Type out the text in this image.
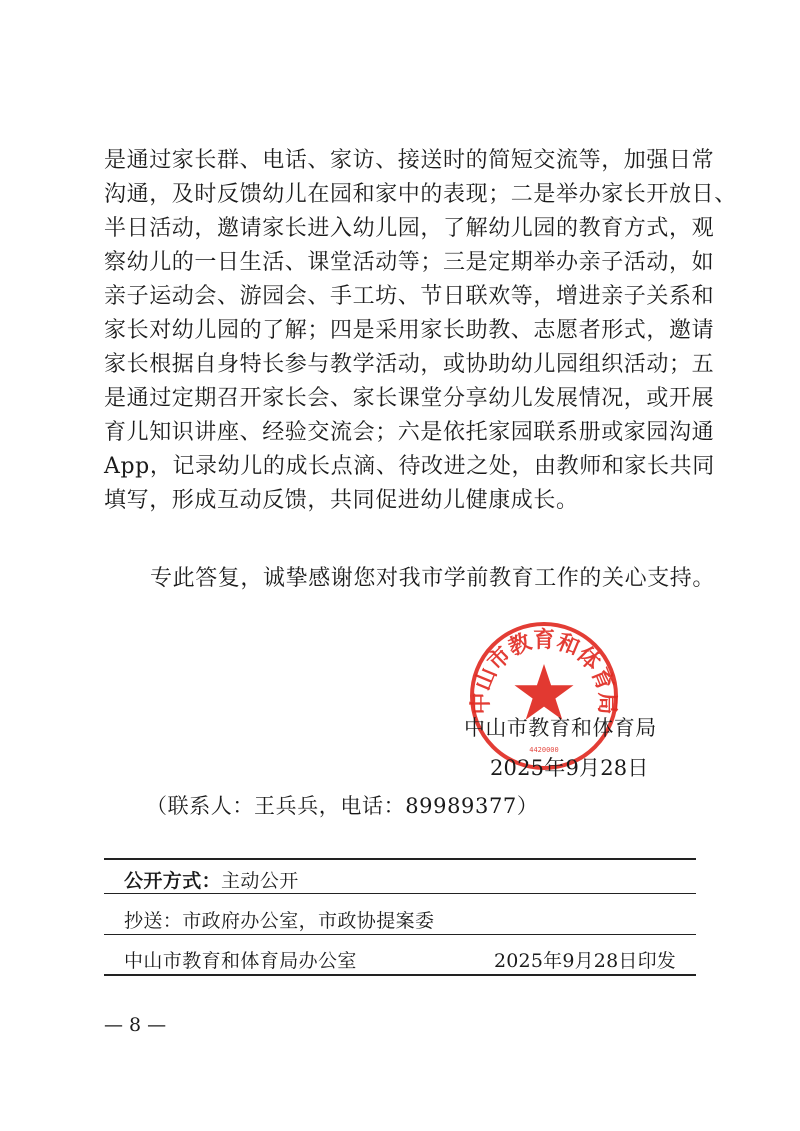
是通过家长群、电话、家访、接送时的简短交流等，加强日常
沟通，及时反馈幼儿在园和家中的表现；二是举办家长开放日、
半日活动，邀请家长进入幼儿园，了解幼儿园的教育方式，观
察幼儿的一日生活、课堂活动等；三是定期举办亲子活动，如
亲子运动会、游园会、手工坊、节日联欢等，增进亲子关系和
家长对幼儿园的了解；四是采用家长助教、志愿者形式，邀请
家长根据自身特长参与教学活动，或协助幼儿园组织活动；五
是通过定期召开家长会、家长课堂分享幼儿发展情况，或开展
育儿知识讲座、经验交流会；六是依托家园联系册或家园沟通
App，记录幼儿的成长点滴、待改进之处，由教师和家长共同
填写，形成互动反馈，共同促进幼儿健康成长。
专此答复，诚挚感谢您对我市学前教育工作的关心支持。
中山市教育和体育局
4420000
中山市教育和体育局
2025年9月28日
（联系人：王兵兵，电话：89989377）
公开方式：主动公开
抄送：市政府办公室，市政协提案委
中山市教育和体育局办公室	2025年9月28日印发
— 8 —
